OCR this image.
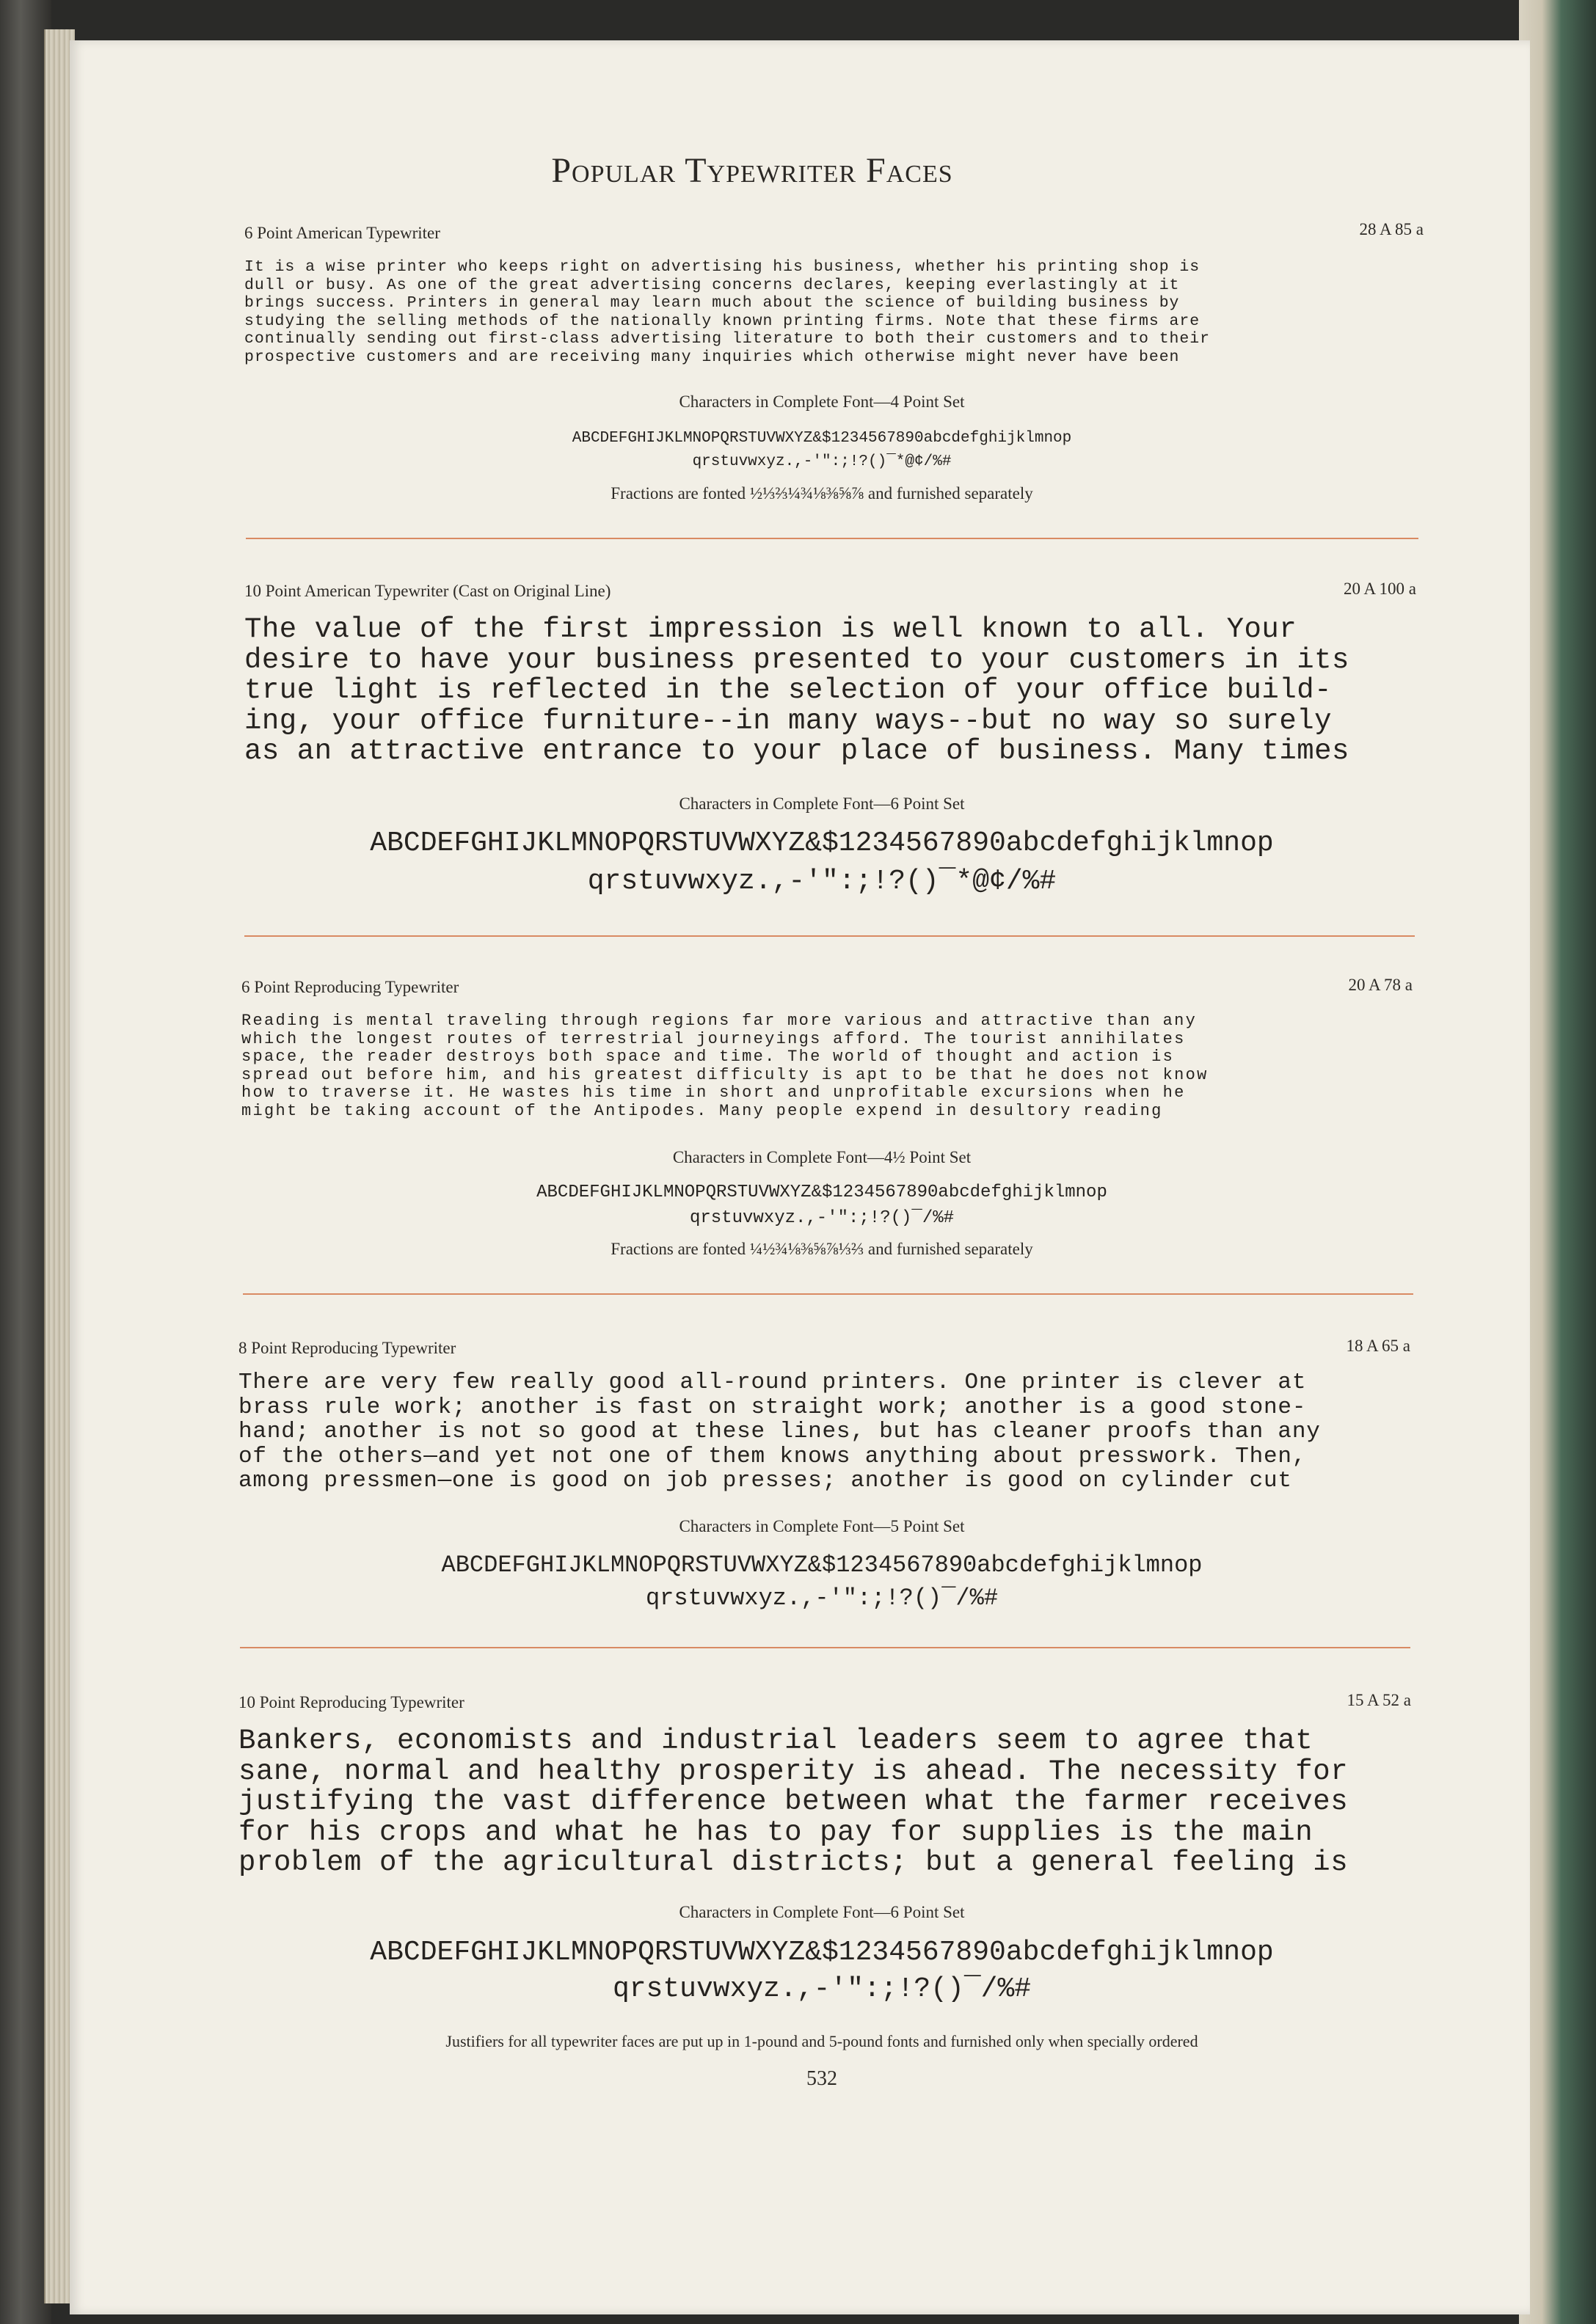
Popular Typewriter Faces
6 Point American Typewriter	28 A 85 a
It is a wise printer who keeps right on advertising his business, whether his printing shop is
dull or busy. As one of the great advertising concerns declares, keeping everlastingly at it
brings success. Printers in general may learn much about the science of building business by
studying the selling methods of the nationally known printing firms. Note that these firms are
continually sending out first-class advertising literature to both their customers and to their
prospective customers and are receiving many inquiries which otherwise might never have been
Characters in Complete Font—4 Point Set
ABCDEFGHIJKLMNOPQRSTUVWXYZ&$1234567890abcdefghijklmnop
qrstuvwxyz.,-'":;!?()‾*@¢/%#
Fractions are fonted ½⅓⅔¼¾⅛⅜⅝⅞ and furnished separately
10 Point American Typewriter (Cast on Original Line)	20 A 100 a
The value of the first impression is well known to all. Your
desire to have your business presented to your customers in its
true light is reflected in the selection of your office build-
ing, your office furniture--in many ways--but no way so surely
as an attractive entrance to your place of business. Many times
Characters in Complete Font—6 Point Set
ABCDEFGHIJKLMNOPQRSTUVWXYZ&$1234567890abcdefghijklmnop
qrstuvwxyz.,-'":;!?()‾*@¢/%#
6 Point Reproducing Typewriter	20 A 78 a
Reading is mental traveling through regions far more various and attractive than any
which the longest routes of terrestrial journeyings afford. The tourist annihilates
space, the reader destroys both space and time. The world of thought and action is
spread out before him, and his greatest difficulty is apt to be that he does not know
how to traverse it. He wastes his time in short and unprofitable excursions when he
might be taking account of the Antipodes. Many people expend in desultory reading
Characters in Complete Font—4½ Point Set
ABCDEFGHIJKLMNOPQRSTUVWXYZ&$1234567890abcdefghijklmnop
qrstuvwxyz.,-'":;!?()‾/%#
Fractions are fonted ¼½¾⅛⅜⅝⅞⅓⅔ and furnished separately
8 Point Reproducing Typewriter	18 A 65 a
There are very few really good all-round printers. One printer is clever at
brass rule work; another is fast on straight work; another is a good stone-
hand; another is not so good at these lines, but has cleaner proofs than any
of the others—and yet not one of them knows anything about presswork. Then,
among pressmen—one is good on job presses; another is good on cylinder cut
Characters in Complete Font—5 Point Set
ABCDEFGHIJKLMNOPQRSTUVWXYZ&$1234567890abcdefghijklmnop
qrstuvwxyz.,-'":;!?()‾/%#
10 Point Reproducing Typewriter	15 A 52 a
Bankers, economists and industrial leaders seem to agree that
sane, normal and healthy prosperity is ahead. The necessity for
justifying the vast difference between what the farmer receives
for his crops and what he has to pay for supplies is the main
problem of the agricultural districts; but a general feeling is
Characters in Complete Font—6 Point Set
ABCDEFGHIJKLMNOPQRSTUVWXYZ&$1234567890abcdefghijklmnop
qrstuvwxyz.,-'":;!?()‾/%#
Justifiers for all typewriter faces are put up in 1-pound and 5-pound fonts and furnished only when specially ordered
532
